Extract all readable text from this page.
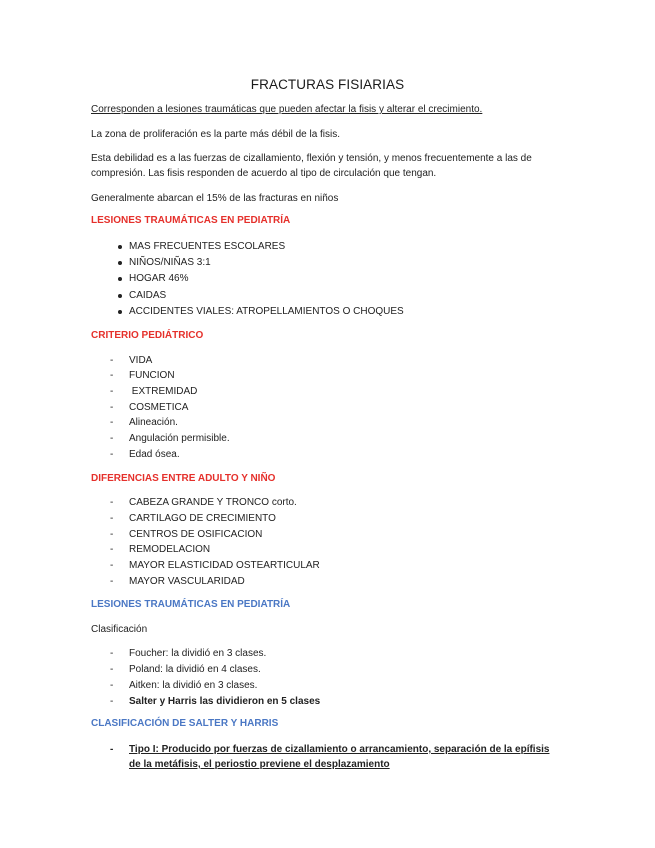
FRACTURAS FISIARIAS
Corresponden a lesiones traumáticas que pueden afectar la fisis y alterar el crecimiento.
La zona de proliferación es la parte más débil de la fisis.
Esta debilidad es a las fuerzas de cizallamiento, flexión y tensión, y menos frecuentemente a las de
compresión. Las fisis responden de acuerdo al tipo de circulación que tengan.
Generalmente abarcan el 15% de las fracturas en niños
LESIONES TRAUMÁTICAS EN PEDIATRÍA
MAS FRECUENTES ESCOLARES
NIÑOS/NIÑAS 3:1
HOGAR 46%
CAIDAS
ACCIDENTES VIALES: ATROPELLAMIENTOS O CHOQUES
CRITERIO PEDIÁTRICO
- VIDA
- FUNCION
- EXTREMIDAD
- COSMETICA
- Alineación.
- Angulación permisible.
- Edad ósea.
DIFERENCIAS ENTRE ADULTO Y NIÑO
- CABEZA GRANDE Y TRONCO corto.
- CARTILAGO DE CRECIMIENTO
- CENTROS DE OSIFICACION
- REMODELACION
- MAYOR ELASTICIDAD OSTEARTICULAR
- MAYOR VASCULARIDAD
LESIONES TRAUMÁTICAS EN PEDIATRÍA
Clasificación
- Foucher: la dividió en 3 clases.
- Poland: la dividió en 4 clases.
- Aitken: la dividió en 3 clases.
- Salter y Harris las dividieron en 5 clases
CLASIFICACIÓN DE SALTER Y HARRIS
- Tipo I: Producido por fuerzas de cizallamiento o arrancamiento, separación de la epífisis
de la metáfisis, el periostio previene el desplazamiento
